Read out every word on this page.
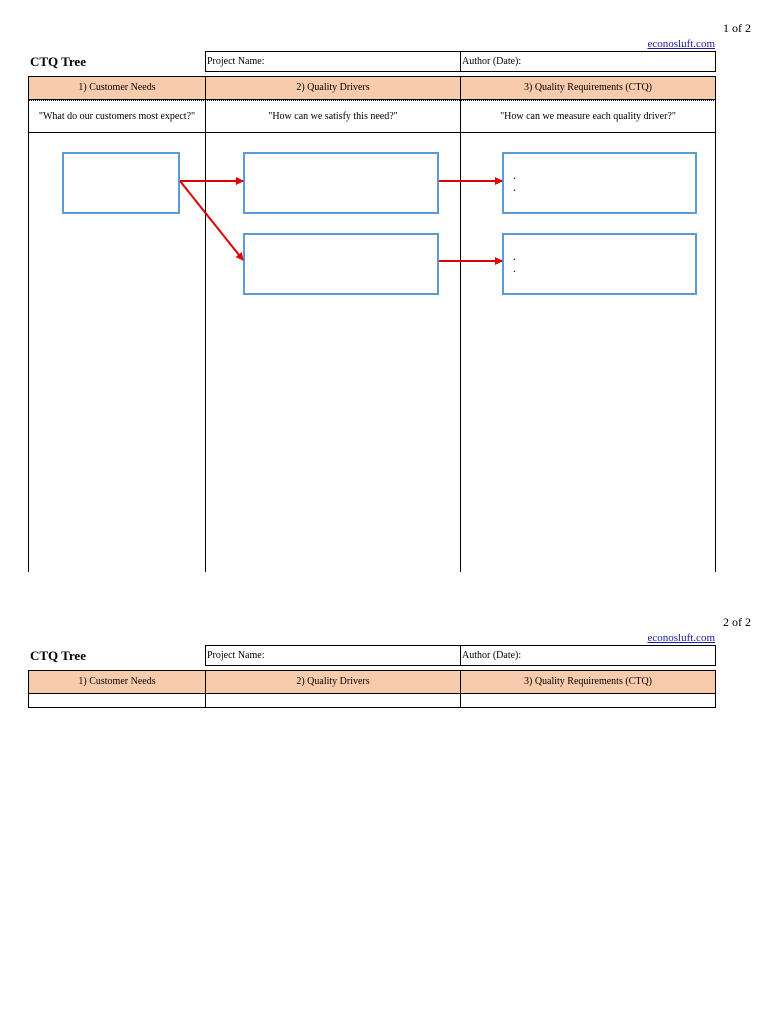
1 of 2
econosluft.com
CTQ Tree	Project Name:	Author (Date):
1) Customer Needs	2) Quality Drivers	3) Quality Requirements (CTQ)
"What do our customers most expect?"	"How can we satisfy this need?"	"How can we measure each quality driver?"
.
.
.
.
2 of 2
econosluft.com
CTQ Tree	Project Name:	Author (Date):
1) Customer Needs	2) Quality Drivers	3) Quality Requirements (CTQ)
